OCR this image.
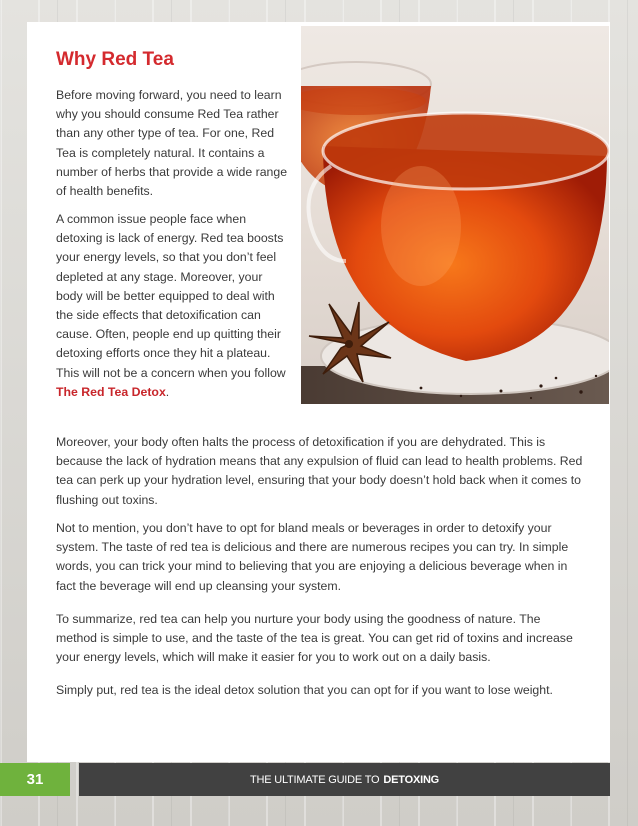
Why Red Tea

Before moving forward, you need to learn why you should consume Red Tea rather than any other type of tea. For one, Red Tea is completely natural. It contains a number of herbs that provide a wide range of health benefits.

A common issue people face when detoxing is lack of energy. Red tea boosts your energy levels, so that you don’t feel depleted at any stage. Moreover, your body will be better equipped to deal with the side effects that detoxification can cause. Often, people end up quitting their detoxing efforts once they hit a plateau. This will not be a concern when you follow The Red Tea Detox.

Moreover, your body often halts the process of detoxification if you are dehydrated. This is because the lack of hydration means that any expulsion of fluid can lead to health problems. Red tea can perk up your hydration level, ensuring that your body doesn’t hold back when it comes to flushing out toxins.

Not to mention, you don’t have to opt for bland meals or beverages in order to detoxify your system. The taste of red tea is delicious and there are numerous recipes you can try. In simple words, you can trick your mind to believing that you are enjoying a delicious beverage when in fact the beverage will end up cleansing your system.

To summarize, red tea can help you nurture your body using the goodness of nature. The method is simple to use, and the taste of the tea is great. You can get rid of toxins and increase your energy levels, which will make it easier for you to work out on a daily basis.

Simply put, red tea is the ideal detox solution that you can opt for if you want to lose weight.

31	THE ULTIMATE GUIDE TO DETOXING
